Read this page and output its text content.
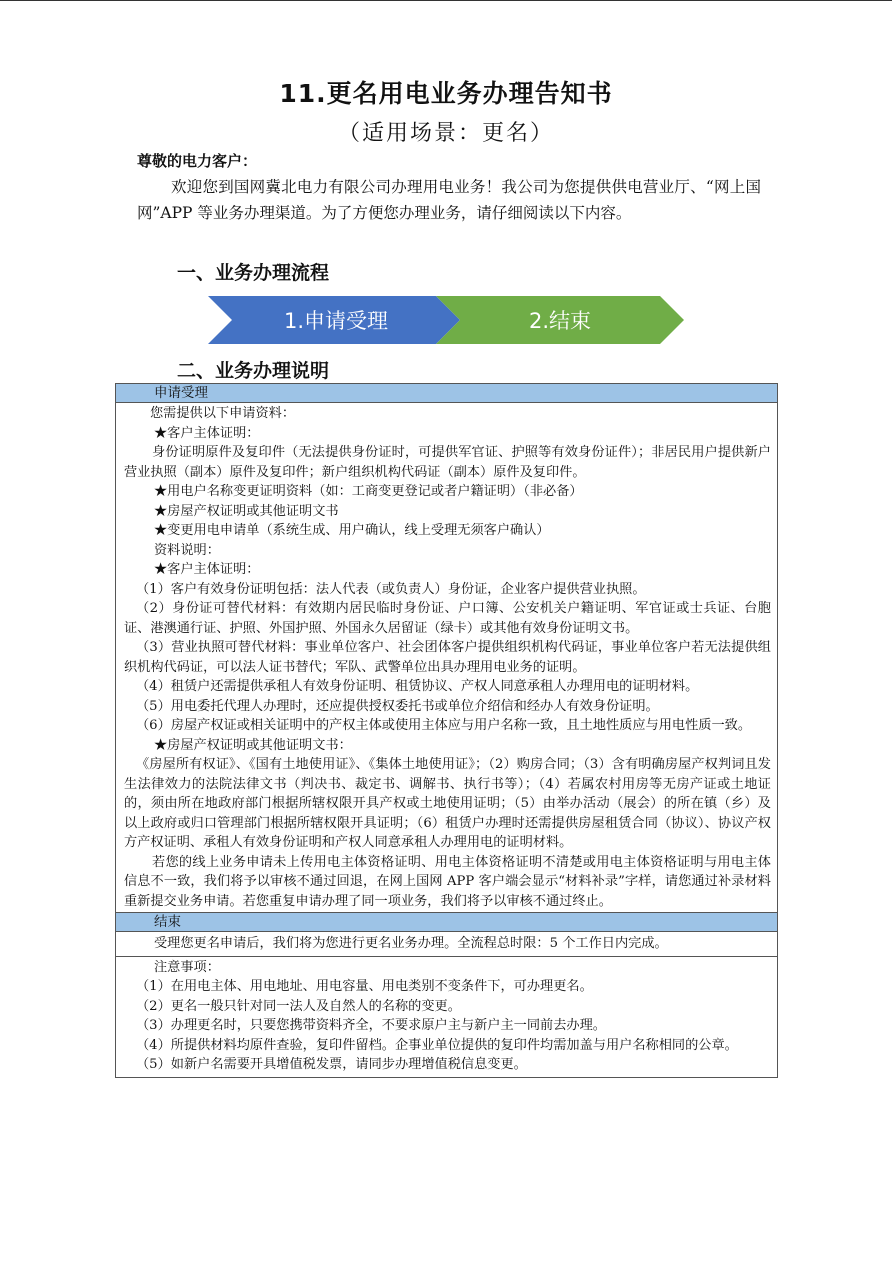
11.更名用电业务办理告知书
（适用场景：更名）
尊敬的电力客户：
欢迎您到国网冀北电力有限公司办理用电业务！我公司为您提供供电营业厅、“网上国网”APP 等业务办理渠道。为了方便您办理业务，请仔细阅读以下内容。
一、业务办理流程
1.申请受理	2.结束
二、业务办理说明
申请受理

您需提供以下申请资料：
★客户主体证明：
身份证明原件及复印件（无法提供身份证时，可提供军官证、护照等有效身份证件）；非居民用户提供新户营业执照（副本）原件及复印件；新户组织机构代码证（副本）原件及复印件。
★用电户名称变更证明资料（如：工商变更登记或者户籍证明）（非必备）
★房屋产权证明或其他证明文书
★变更用电申请单（系统生成、用户确认，线上受理无须客户确认）
资料说明：
★客户主体证明：
（1）客户有效身份证明包括：法人代表（或负责人）身份证，企业客户提供营业执照。
（2）身份证可替代材料：有效期内居民临时身份证、户口簿、公安机关户籍证明、军官证或士兵证、台胞证、港澳通行证、护照、外国护照、外国永久居留证（绿卡）或其他有效身份证明文书。
（3）营业执照可替代材料：事业单位客户、社会团体客户提供组织机构代码证，事业单位客户若无法提供组织机构代码证，可以法人证书替代；军队、武警单位出具办理用电业务的证明。
（4）租赁户还需提供承租人有效身份证明、租赁协议、产权人同意承租人办理用电的证明材料。
（5）用电委托代理人办理时，还应提供授权委托书或单位介绍信和经办人有效身份证明。
（6）房屋产权证或相关证明中的产权主体或使用主体应与用户名称一致，且土地性质应与用电性质一致。
★房屋产权证明或其他证明文书：
《房屋所有权证》、《国有土地使用证》、《集体土地使用证》；（2）购房合同；（3）含有明确房屋产权判词且发生法律效力的法院法律文书（判决书、裁定书、调解书、执行书等）；（4）若属农村用房等无房产证或土地证的，须由所在地政府部门根据所辖权限开具产权或土地使用证明；（5）由举办活动（展会）的所在镇（乡）及以上政府或归口管理部门根据所辖权限开具证明；（6）租赁户办理时还需提供房屋租赁合同（协议）、协议产权方产权证明、承租人有效身份证明和产权人同意承租人办理用电的证明材料。
若您的线上业务申请未上传用电主体资格证明、用电主体资格证明不清楚或用电主体资格证明与用电主体信息不一致，我们将予以审核不通过回退，在网上国网 APP 客户端会显示“材料补录”字样，请您通过补录材料重新提交业务申请。若您重复申请办理了同一项业务，我们将予以审核不通过终止。

结束

受理您更名申请后，我们将为您进行更名业务办理。全流程总时限：5 个工作日内完成。

注意事项：
（1）在用电主体、用电地址、用电容量、用电类别不变条件下，可办理更名。
（2）更名一般只针对同一法人及自然人的名称的变更。
（3）办理更名时，只要您携带资料齐全，不要求原户主与新户主一同前去办理。
（4）所提供材料均原件查验，复印件留档。企事业单位提供的复印件均需加盖与用户名称相同的公章。
（5）如新户名需要开具增值税发票，请同步办理增值税信息变更。
